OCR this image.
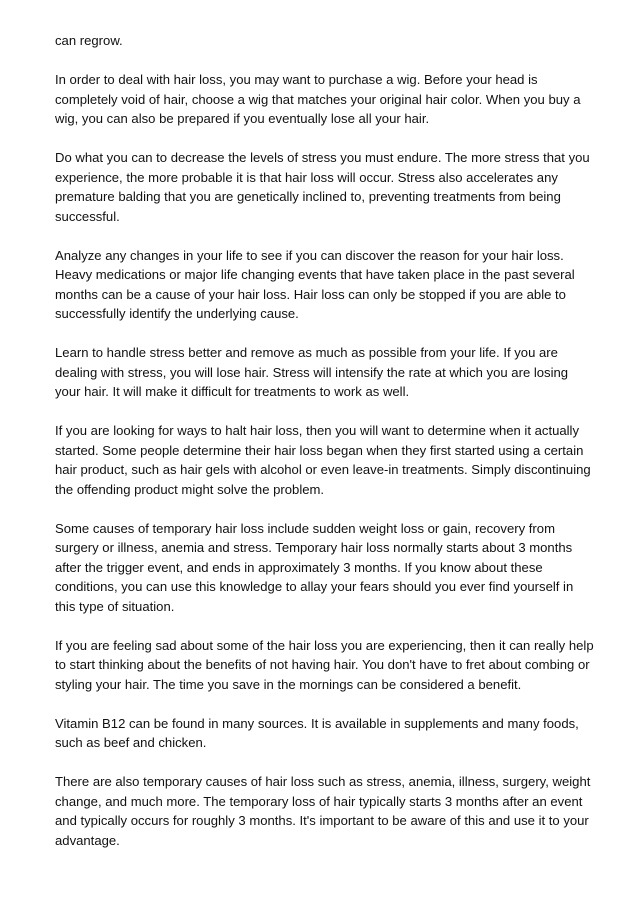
can regrow.

In order to deal with hair loss, you may want to purchase a wig. Before your head is
completely void of hair, choose a wig that matches your original hair color. When you buy a
wig, you can also be prepared if you eventually lose all your hair.

Do what you can to decrease the levels of stress you must endure. The more stress that you
experience, the more probable it is that hair loss will occur. Stress also accelerates any
premature balding that you are genetically inclined to, preventing treatments from being
successful.

Analyze any changes in your life to see if you can discover the reason for your hair loss.
Heavy medications or major life changing events that have taken place in the past several
months can be a cause of your hair loss. Hair loss can only be stopped if you are able to
successfully identify the underlying cause.

Learn to handle stress better and remove as much as possible from your life. If you are
dealing with stress, you will lose hair. Stress will intensify the rate at which you are losing
your hair. It will make it difficult for treatments to work as well.

If you are looking for ways to halt hair loss, then you will want to determine when it actually
started. Some people determine their hair loss began when they first started using a certain
hair product, such as hair gels with alcohol or even leave-in treatments. Simply discontinuing
the offending product might solve the problem.

Some causes of temporary hair loss include sudden weight loss or gain, recovery from
surgery or illness, anemia and stress. Temporary hair loss normally starts about 3 months
after the trigger event, and ends in approximately 3 months. If you know about these
conditions, you can use this knowledge to allay your fears should you ever find yourself in
this type of situation.

If you are feeling sad about some of the hair loss you are experiencing, then it can really help
to start thinking about the benefits of not having hair. You don't have to fret about combing or
styling your hair. The time you save in the mornings can be considered a benefit.

Vitamin B12 can be found in many sources. It is available in supplements and many foods,
such as beef and chicken.

There are also temporary causes of hair loss such as stress, anemia, illness, surgery, weight
change, and much more. The temporary loss of hair typically starts 3 months after an event
and typically occurs for roughly 3 months. It's important to be aware of this and use it to your
advantage.
